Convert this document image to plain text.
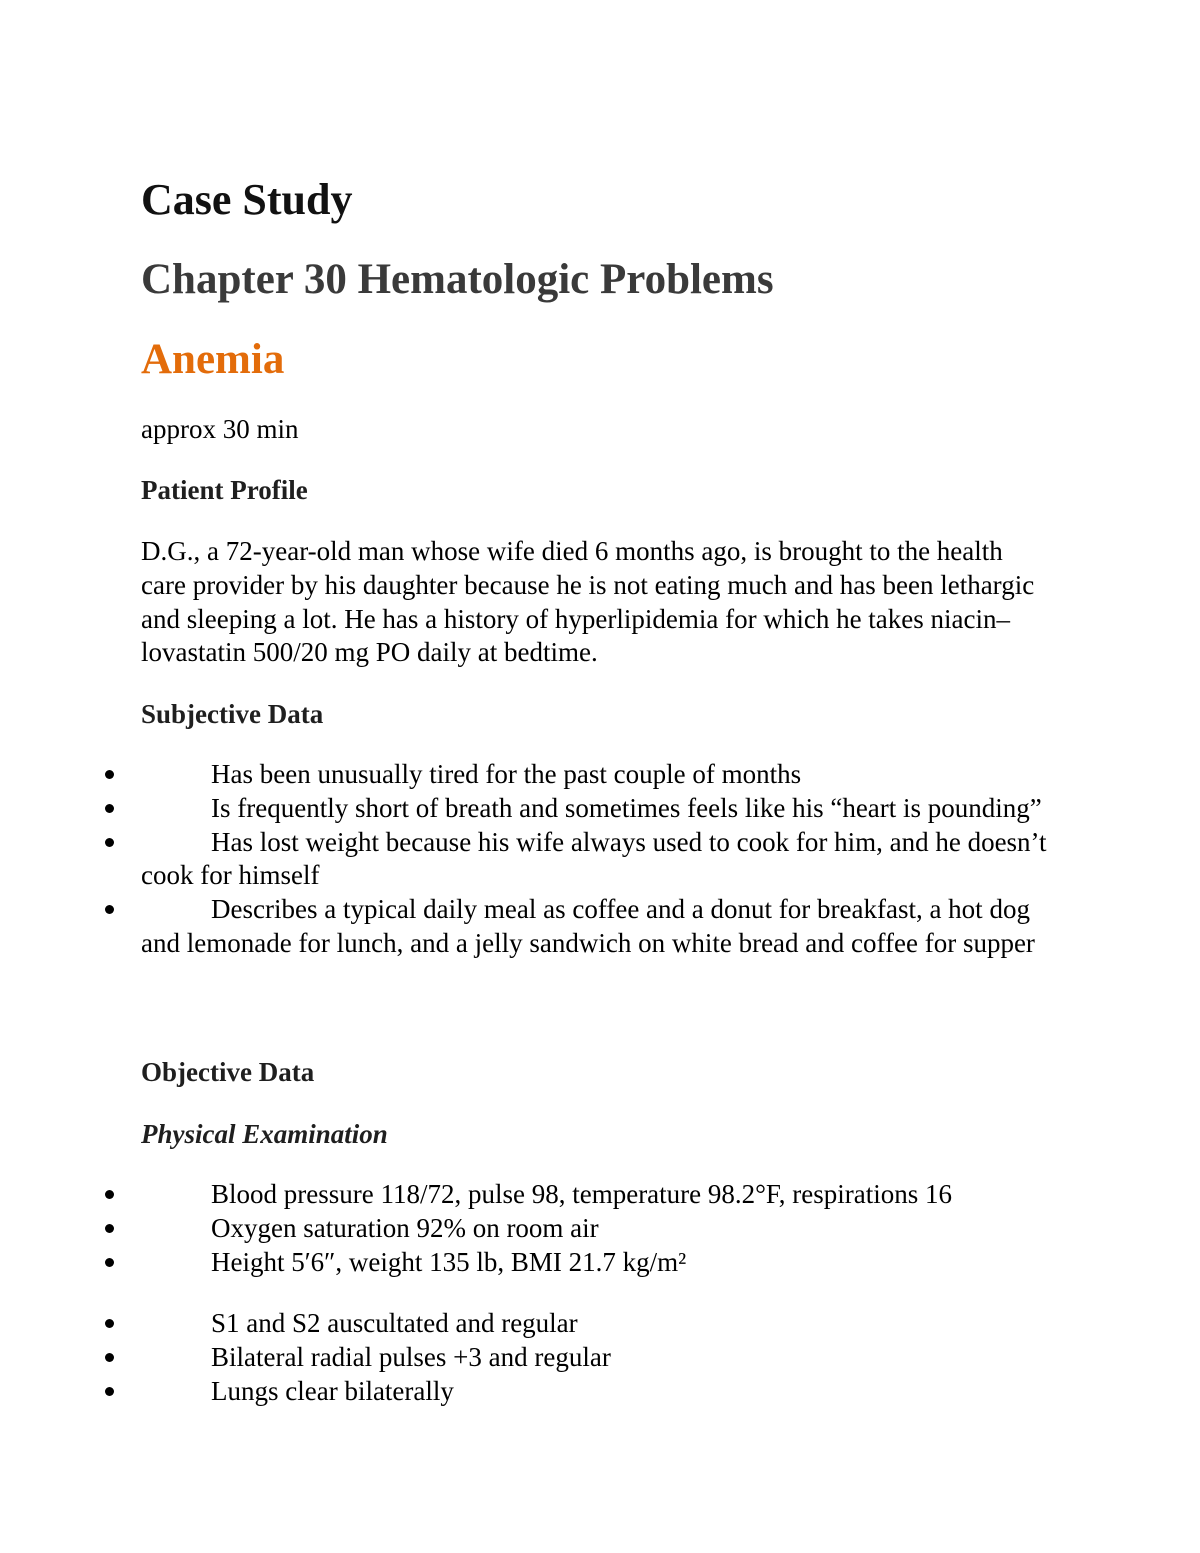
Case Study
Chapter 30 Hematologic Problems
Anemia

approx 30 min

Patient Profile

D.G., a 72-year-old man whose wife died 6 months ago, is brought to the health care provider by his daughter because he is not eating much and has been lethargic and sleeping a lot. He has a history of hyperlipidemia for which he takes niacin–lovastatin 500/20 mg PO daily at bedtime.

Subjective Data

Has been unusually tired for the past couple of months
Is frequently short of breath and sometimes feels like his “heart is pounding”
Has lost weight because his wife always used to cook for him, and he doesn’t cook for himself
Describes a typical daily meal as coffee and a donut for breakfast, a hot dog and lemonade for lunch, and a jelly sandwich on white bread and coffee for supper

Objective Data

Physical Examination

Blood pressure 118/72, pulse 98, temperature 98.2°F, respirations 16
Oxygen saturation 92% on room air
Height 5′6″, weight 135 lb, BMI 21.7 kg/m²
S1 and S2 auscultated and regular
Bilateral radial pulses +3 and regular
Lungs clear bilaterally
